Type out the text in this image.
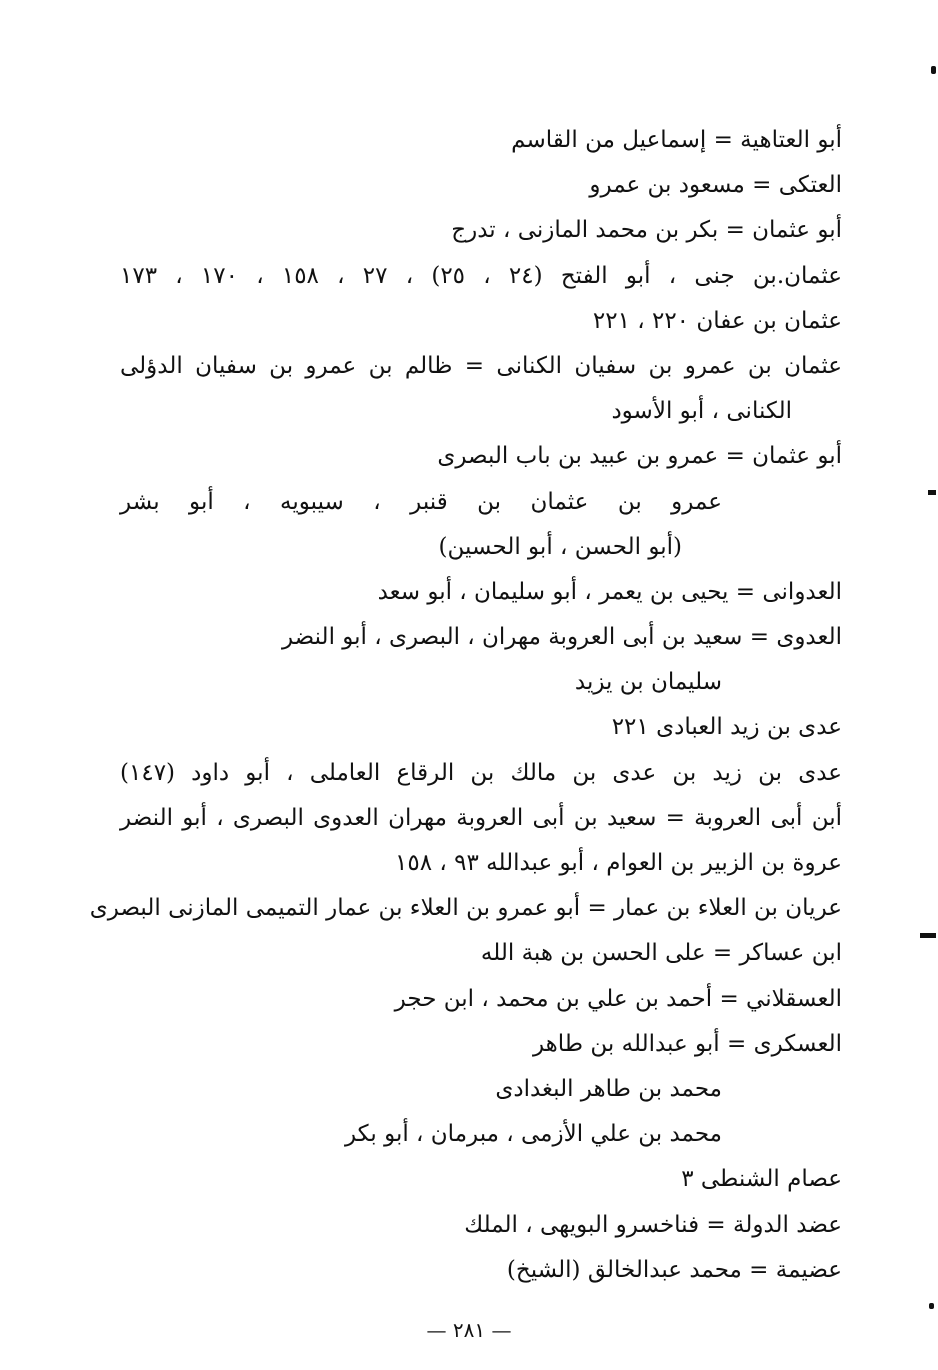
أبو العتاهية = إسماعيل من القاسم
العتكى = مسعود بن عمرو
أبو عثمان = بكر بن محمد المازنى ، تدرج
عثمان.بن جنى ، أبو الفتح (٢٤ ، ٢٥) ، ٢٧ ، ١٥٨ ، ١٧٠ ، ١٧٣
عثمان بن عفان ٢٢٠ ، ٢٢١
عثمان بن عمرو بن سفيان الكنانى = ظالم بن عمرو بن سفيان الدؤلى
الكنانى ، أبو الأسود
أبو عثمان = عمرو بن عبيد بن باب البصرى
عمرو بن عثمان بن قنبر ، سيبويه ، أبو بشر
(أبو الحسن ، أبو الحسين)
العدوانى = يحيى بن يعمر ، أبو سليمان ، أبو سعد
العدوى = سعيد بن أبى العروبة مهران ، البصرى ، أبو النضر
سليمان بن يزيد
عدى بن زيد العبادى ٢٢١
عدى بن زيد بن عدى بن مالك بن الرقاع العاملى ، أبو داود (١٤٧)
أبن أبى العروبة = سعيد بن أبى العروبة مهران العدوى البصرى ، أبو النضر
عروة بن الزبير بن العوام ، أبو عبدالله ٩٣ ، ١٥٨
عريان بن العلاء بن عمار = أبو عمرو بن العلاء بن عمار التميمى المازنى البصرى
ابن عساكر = على الحسن بن هبة الله
العسقلاني = أحمد بن علي بن محمد ، ابن حجر
العسكرى = أبو عبدالله بن طاهر
محمد بن طاهر البغدادى
محمد بن علي الأزمى ، مبرمان ، أبو بكر
عصام الشنطى ٣
عضد الدولة = فناخسرو البويهى ، الملك
عضيمة = محمد عبدالخالق (الشيخ)
— ٢٨١ —
